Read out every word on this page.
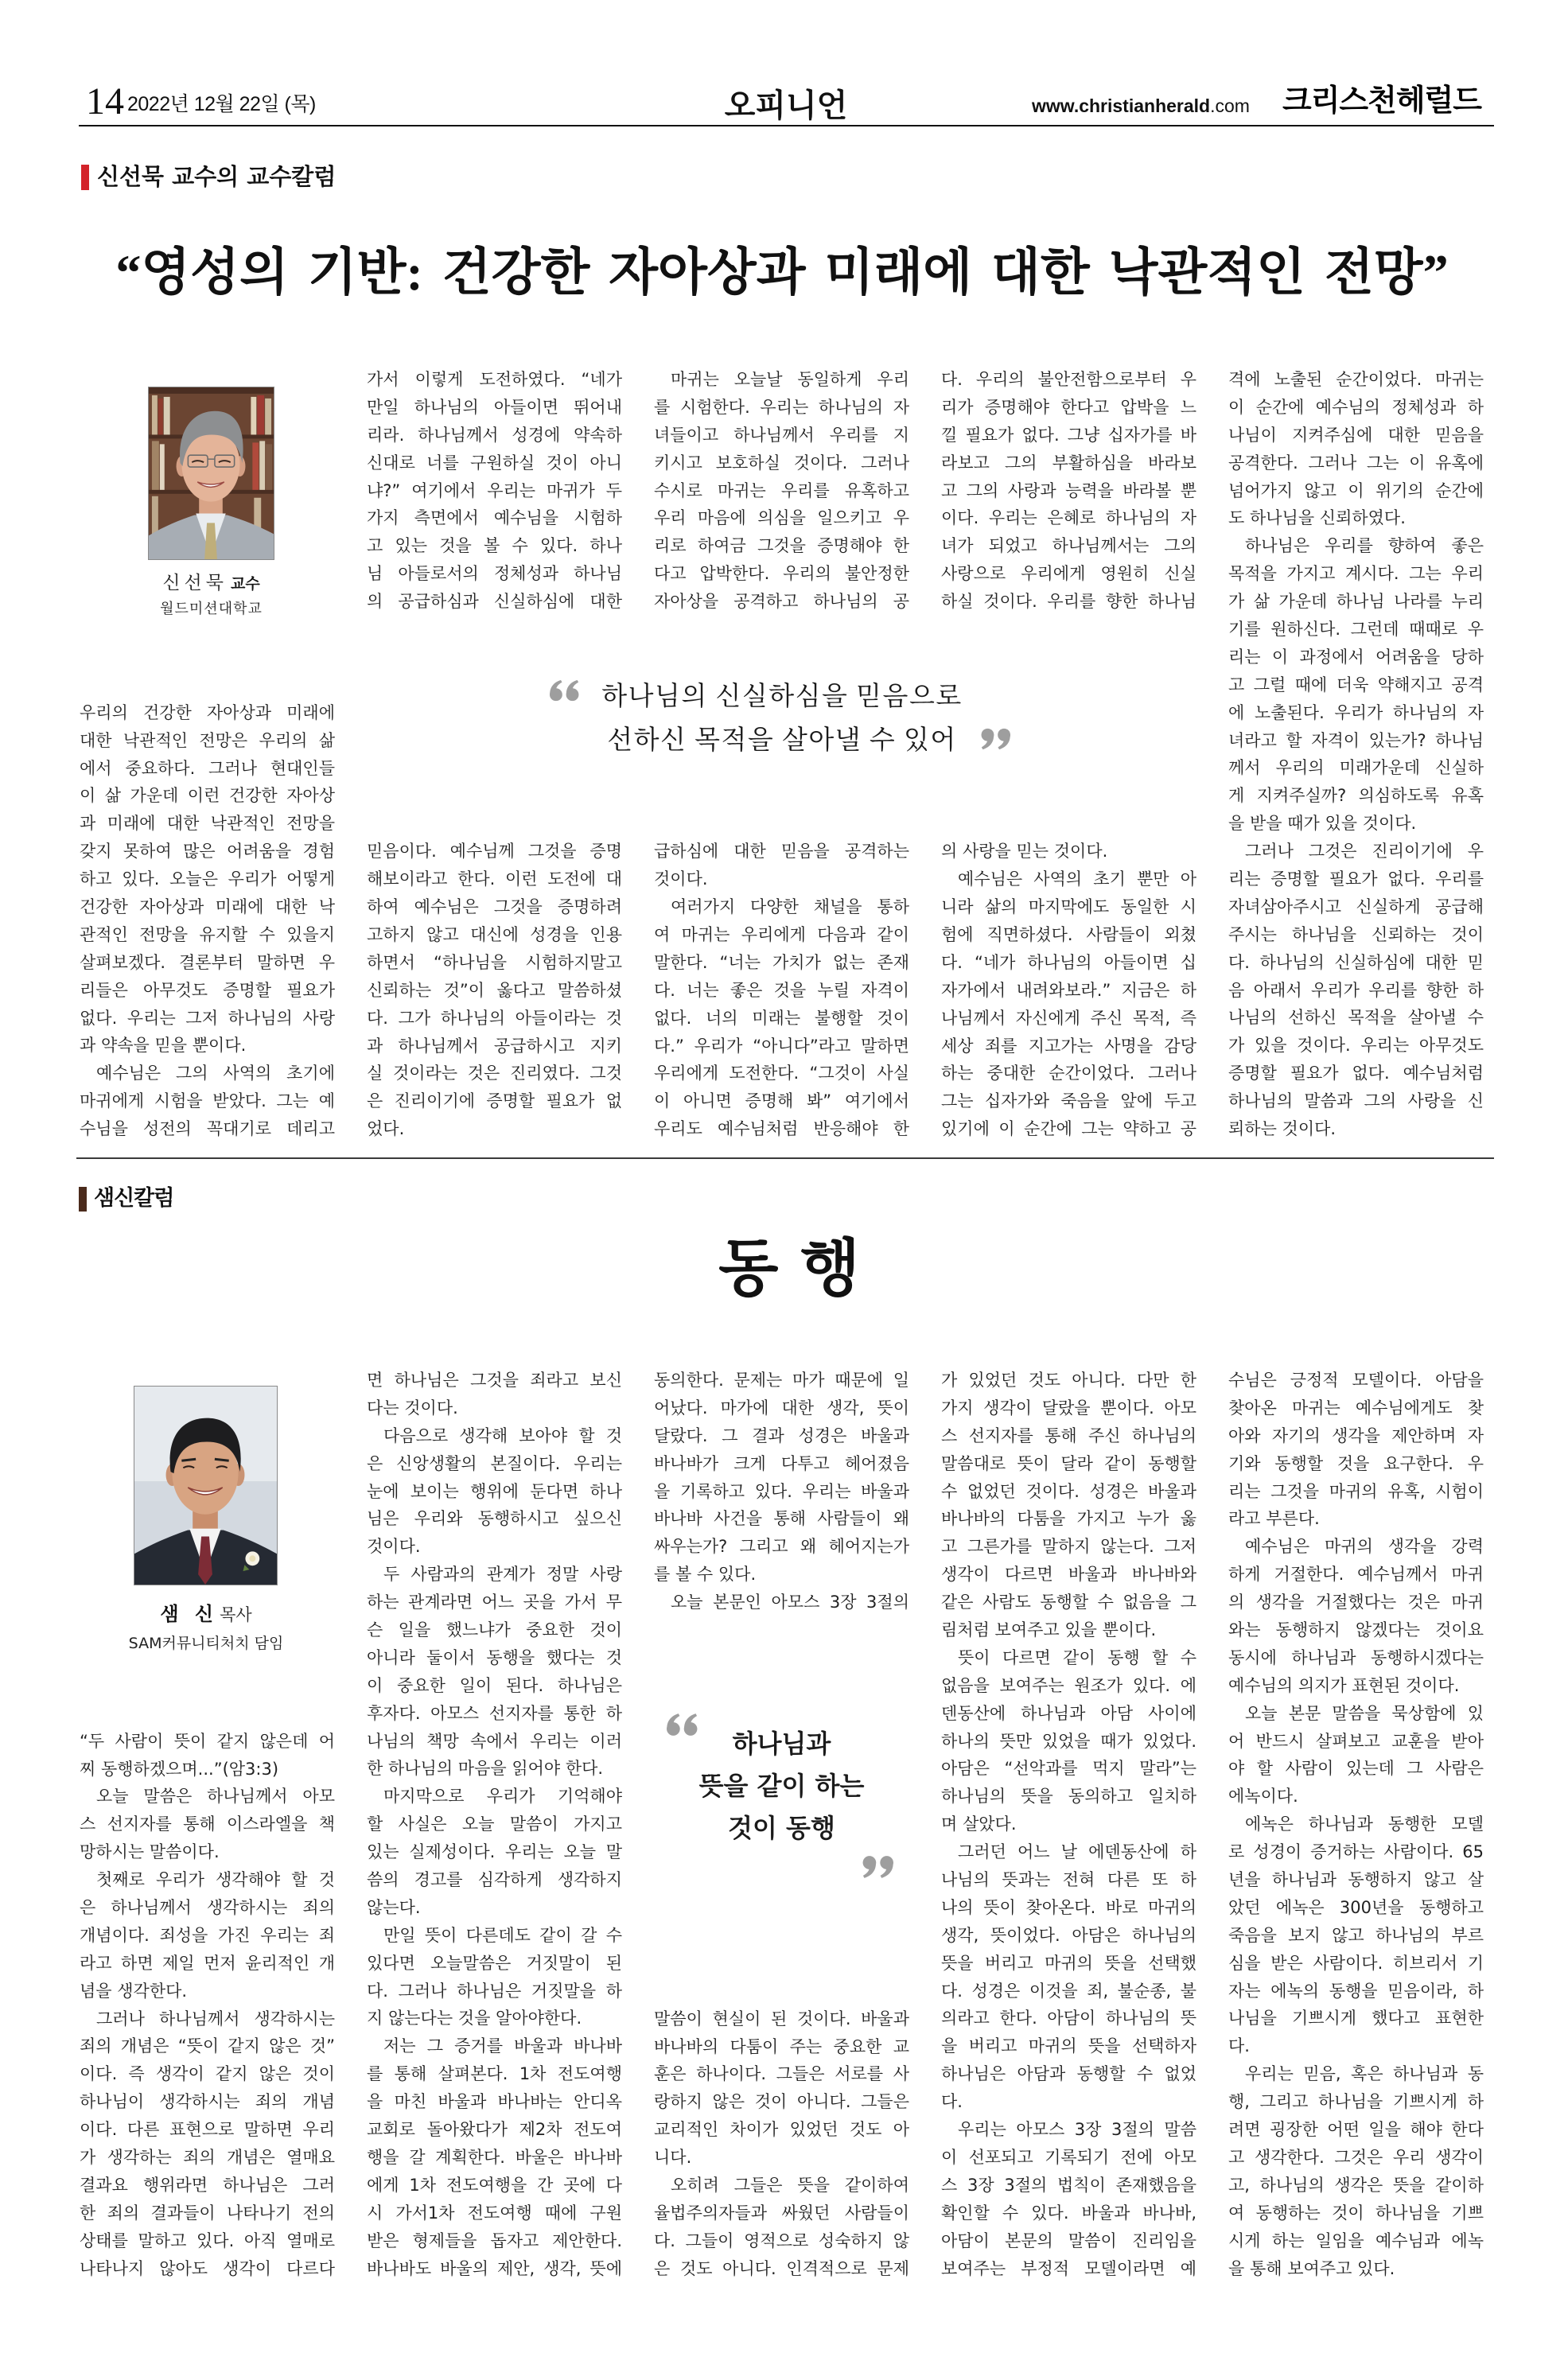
14 2022년 12월 22일 (목)	오피니언	www.christianherald.com 크리스천헤럴드
신선묵 교수의 교수칼럼
“영성의 기반: 건강한 자아상과 미래에 대한 낙관적인 전망”
신선묵 교수
월드미션대학교
우리의 건강한 자아상과 미래에
대한 낙관적인 전망은 우리의 삶
에서 중요하다. 그러나 현대인들
이 삶 가운데 이런 건강한 자아상
과 미래에 대한 낙관적인 전망을
갖지 못하여 많은 어려움을 경험
하고 있다. 오늘은 우리가 어떻게
건강한 자아상과 미래에 대한 낙
관적인 전망을 유지할 수 있을지
살펴보겠다. 결론부터 말하면 우
리들은 아무것도 증명할 필요가
없다. 우리는 그저 하나님의 사랑
과 약속을 믿을 뿐이다.
예수님은 그의 사역의 초기에
마귀에게 시험을 받았다. 그는 예
수님을 성전의 꼭대기로 데리고
가서 이렇게 도전하였다. “네가
만일 하나님의 아들이면 뛰어내
리라. 하나님께서 성경에 약속하
신대로 너를 구원하실 것이 아니
냐?” 여기에서 우리는 마귀가 두
가지 측면에서 예수님을 시험하
고 있는 것을 볼 수 있다. 하나
님 아들로서의 정체성과 하나님
의 공급하심과 신실하심에 대한
믿음이다. 예수님께 그것을 증명
해보이라고 한다. 이런 도전에 대
하여 예수님은 그것을 증명하려
고하지 않고 대신에 성경을 인용
하면서 “하나님을 시험하지말고
신뢰하는 것”이 옳다고 말씀하셨
다. 그가 하나님의 아들이라는 것
과 하나님께서 공급하시고 지키
실 것이라는 것은 진리였다. 그것
은 진리이기에 증명할 필요가 없
었다.
마귀는 오늘날 동일하게 우리
를 시험한다. 우리는 하나님의 자
녀들이고 하나님께서 우리를 지
키시고 보호하실 것이다. 그러나
수시로 마귀는 우리를 유혹하고
우리 마음에 의심을 일으키고 우
리로 하여금 그것을 증명해야 한
다고 압박한다. 우리의 불안정한
자아상을 공격하고 하나님의 공
급하심에 대한 믿음을 공격하는
것이다.
여러가지 다양한 채널을 통하
여 마귀는 우리에게 다음과 같이
말한다. “너는 가치가 없는 존재
다. 너는 좋은 것을 누릴 자격이
없다. 너의 미래는 불행할 것이
다.” 우리가 “아니다”라고 말하면
우리에게 도전한다. “그것이 사실
이 아니면 증명해 봐” 여기에서
우리도 예수님처럼 반응해야 한
다. 우리의 불안전함으로부터 우
리가 증명해야 한다고 압박을 느
낄 필요가 없다. 그냥 십자가를 바
라보고 그의 부활하심을 바라보
고 그의 사랑과 능력을 바라볼 뿐
이다. 우리는 은혜로 하나님의 자
녀가 되었고 하나님께서는 그의
사랑으로 우리에게 영원히 신실
하실 것이다. 우리를 향한 하나님
의 사랑을 믿는 것이다.
예수님은 사역의 초기 뿐만 아
니라 삶의 마지막에도 동일한 시
험에 직면하셨다. 사람들이 외쳤
다. “네가 하나님의 아들이면 십
자가에서 내려와보라.” 지금은 하
나님께서 자신에게 주신 목적, 즉
세상 죄를 지고가는 사명을 감당
하는 중대한 순간이었다. 그러나
그는 십자가와 죽음을 앞에 두고
있기에 이 순간에 그는 약하고 공
격에 노출된 순간이었다. 마귀는
이 순간에 예수님의 정체성과 하
나님이 지켜주심에 대한 믿음을
공격한다. 그러나 그는 이 유혹에
넘어가지 않고 이 위기의 순간에
도 하나님을 신뢰하였다.
하나님은 우리를 향하여 좋은
목적을 가지고 계시다. 그는 우리
가 삶 가운데 하나님 나라를 누리
기를 원하신다. 그런데 때때로 우
리는 이 과정에서 어려움을 당하
고 그럴 때에 더욱 약해지고 공격
에 노출된다. 우리가 하나님의 자
녀라고 할 자격이 있는가? 하나님
께서 우리의 미래가운데 신실하
게 지켜주실까? 의심하도록 유혹
을 받을 때가 있을 것이다.
그러나 그것은 진리이기에 우
리는 증명할 필요가 없다. 우리를
자녀삼아주시고 신실하게 공급해
주시는 하나님을 신뢰하는 것이
다. 하나님의 신실하심에 대한 믿
음 아래서 우리가 우리를 향한 하
나님의 선하신 목적을 살아낼 수
가 있을 것이다. 우리는 아무것도
증명할 필요가 없다. 예수님처럼
하나님의 말씀과 그의 사랑을 신
뢰하는 것이다.
하나님의 신실하심을 믿음으로
선하신 목적을 살아낼 수 있어
샘신칼럼
동 행
샘 신목사
SAM커뮤니티처치 담임
“두 사람이 뜻이 같지 않은데 어
찌 동행하겠으며...”(암3:3)
오늘 말씀은 하나님께서 아모
스 선지자를 통해 이스라엘을 책
망하시는 말씀이다.
첫째로 우리가 생각해야 할 것
은 하나님께서 생각하시는 죄의
개념이다. 죄성을 가진 우리는 죄
라고 하면 제일 먼저 윤리적인 개
념을 생각한다.
그러나 하나님께서 생각하시는
죄의 개념은 “뜻이 같지 않은 것”
이다. 즉 생각이 같지 않은 것이
하나님이 생각하시는 죄의 개념
이다. 다른 표현으로 말하면 우리
가 생각하는 죄의 개념은 열매요
결과요 행위라면 하나님은 그러
한 죄의 결과들이 나타나기 전의
상태를 말하고 있다. 아직 열매로
나타나지 않아도 생각이 다르다
면 하나님은 그것을 죄라고 보신
다는 것이다.
다음으로 생각해 보아야 할 것
은 신앙생활의 본질이다. 우리는
눈에 보이는 행위에 둔다면 하나
님은 우리와 동행하시고 싶으신
것이다.
두 사람과의 관계가 정말 사랑
하는 관계라면 어느 곳을 가서 무
슨 일을 했느냐가 중요한 것이
아니라 둘이서 동행을 했다는 것
이 중요한 일이 된다. 하나님은
후자다. 아모스 선지자를 통한 하
나님의 책망 속에서 우리는 이러
한 하나님의 마음을 읽어야 한다.
마지막으로 우리가 기억해야
할 사실은 오늘 말씀이 가지고
있는 실제성이다. 우리는 오늘 말
씀의 경고를 심각하게 생각하지
않는다.
만일 뜻이 다른데도 같이 갈 수
있다면 오늘말씀은 거짓말이 된
다. 그러나 하나님은 거짓말을 하
지 않는다는 것을 알아야한다.
저는 그 증거를 바울과 바나바
를 통해 살펴본다. 1차 전도여행
을 마친 바울과 바나바는 안디옥
교회로 돌아왔다가 제2차 전도여
행을 갈 계획한다. 바울은 바나바
에게 1차 전도여행을 간 곳에 다
시 가서1차 전도여행 때에 구원
받은 형제들을 돕자고 제안한다.
바나바도 바울의 제안, 생각, 뜻에
동의한다. 문제는 마가 때문에 일
어났다. 마가에 대한 생각, 뜻이
달랐다. 그 결과 성경은 바울과
바나바가 크게 다투고 헤어졌음
을 기록하고 있다. 우리는 바울과
바나바 사건을 통해 사람들이 왜
싸우는가? 그리고 왜 헤어지는가
를 볼 수 있다.
오늘 본문인 아모스 3장 3절의
말씀이 현실이 된 것이다. 바울과
바나바의 다툼이 주는 중요한 교
훈은 하나이다. 그들은 서로를 사
랑하지 않은 것이 아니다. 그들은
교리적인 차이가 있었던 것도 아
니다.
오히려 그들은 뜻을 같이하여
율법주의자들과 싸웠던 사람들이
다. 그들이 영적으로 성숙하지 않
은 것도 아니다. 인격적으로 문제
가 있었던 것도 아니다. 다만 한
가지 생각이 달랐을 뿐이다. 아모
스 선지자를 통해 주신 하나님의
말씀대로 뜻이 달라 같이 동행할
수 없었던 것이다. 성경은 바울과
바나바의 다툼을 가지고 누가 옳
고 그른가를 말하지 않는다. 그저
생각이 다르면 바울과 바나바와
같은 사람도 동행할 수 없음을 그
림처럼 보여주고 있을 뿐이다.
뜻이 다르면 같이 동행 할 수
없음을 보여주는 원조가 있다. 에
덴동산에 하나님과 아담 사이에
하나의 뜻만 있었을 때가 있었다.
아담은 “선악과를 먹지 말라”는
하나님의 뜻을 동의하고 일치하
며 살았다.
그러던 어느 날 에덴동산에 하
나님의 뜻과는 전혀 다른 또 하
나의 뜻이 찾아온다. 바로 마귀의
생각, 뜻이었다. 아담은 하나님의
뜻을 버리고 마귀의 뜻을 선택했
다. 성경은 이것을 죄, 불순종, 불
의라고 한다. 아담이 하나님의 뜻
을 버리고 마귀의 뜻을 선택하자
하나님은 아담과 동행할 수 없었
다.
우리는 아모스 3장 3절의 말씀
이 선포되고 기록되기 전에 아모
스 3장 3절의 법칙이 존재했음을
확인할 수 있다. 바울과 바나바,
아담이 본문의 말씀이 진리임을
보여주는 부정적 모델이라면 예
수님은 긍정적 모델이다. 아담을
찾아온 마귀는 예수님에게도 찾
아와 자기의 생각을 제안하며 자
기와 동행할 것을 요구한다. 우
리는 그것을 마귀의 유혹, 시험이
라고 부른다.
예수님은 마귀의 생각을 강력
하게 거절한다. 예수님께서 마귀
의 생각을 거절했다는 것은 마귀
와는 동행하지 않겠다는 것이요
동시에 하나님과 동행하시겠다는
예수님의 의지가 표현된 것이다.
오늘 본문 말씀을 묵상함에 있
어 반드시 살펴보고 교훈을 받아
야 할 사람이 있는데 그 사람은
에녹이다.
에녹은 하나님과 동행한 모델
로 성경이 증거하는 사람이다. 65
년을 하나님과 동행하지 않고 살
았던 에녹은 300년을 동행하고
죽음을 보지 않고 하나님의 부르
심을 받은 사람이다. 히브리서 기
자는 에녹의 동행을 믿음이라, 하
나님을 기쁘시게 했다고 표현한
다.
우리는 믿음, 혹은 하나님과 동
행, 그리고 하나님을 기쁘시게 하
려면 굉장한 어떤 일을 해야 한다
고 생각한다. 그것은 우리 생각이
고, 하나님의 생각은 뜻을 같이하
여 동행하는 것이 하나님을 기쁘
시게 하는 일임을 예수님과 에녹
을 통해 보여주고 있다.
하나님과
뜻을 같이 하는
것이 동행
